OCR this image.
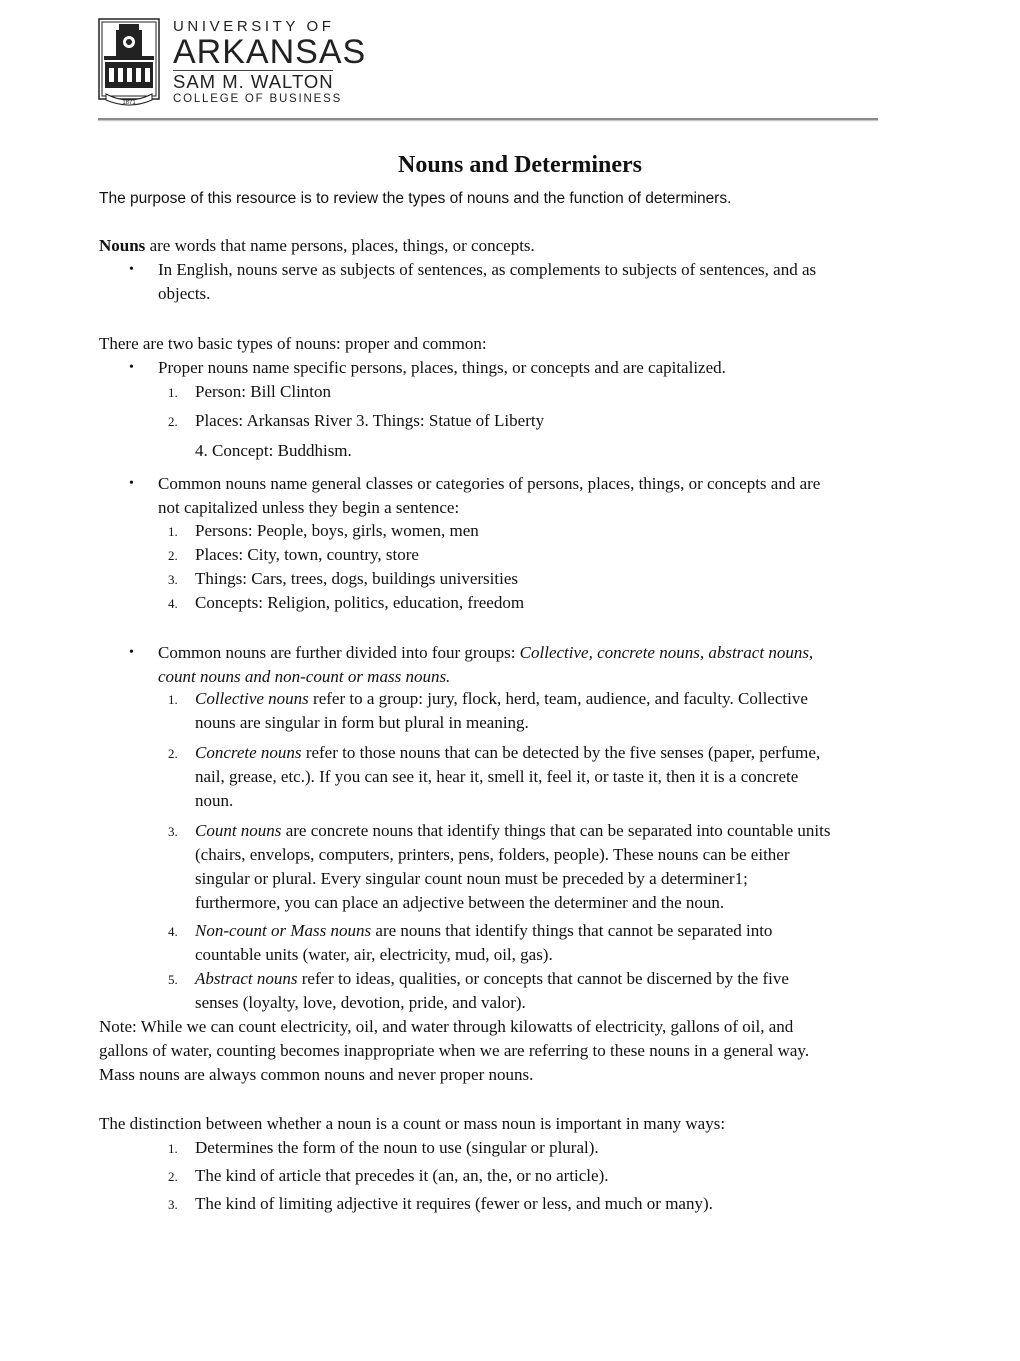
1871
UNIVERSITY OF
ARKANSAS
SAM M. WALTON
COLLEGE OF BUSINESS
Nouns and Determiners
The purpose of this resource is to review the types of nouns and the function of determiners.
Nouns are words that name persons, places, things, or concepts.
• In English, nouns serve as subjects of sentences, as complements to subjects of sentences, and as
objects.
There are two basic types of nouns: proper and common:
• Proper nouns name specific persons, places, things, or concepts and are capitalized.
1. Person: Bill Clinton
2. Places: Arkansas River 3. Things: Statue of Liberty
4. Concept: Buddhism.
• Common nouns name general classes or categories of persons, places, things, or concepts and are
not capitalized unless they begin a sentence:
1. Persons: People, boys, girls, women, men
2. Places: City, town, country, store
3. Things: Cars, trees, dogs, buildings universities
4. Concepts: Religion, politics, education, freedom
• Common nouns are further divided into four groups: Collective, concrete nouns, abstract nouns,
count nouns and non-count or mass nouns.
1. Collective nouns refer to a group: jury, flock, herd, team, audience, and faculty. Collective
nouns are singular in form but plural in meaning.
2. Concrete nouns refer to those nouns that can be detected by the five senses (paper, perfume,
nail, grease, etc.). If you can see it, hear it, smell it, feel it, or taste it, then it is a concrete
noun.
3. Count nouns are concrete nouns that identify things that can be separated into countable units
(chairs, envelops, computers, printers, pens, folders, people). These nouns can be either
singular or plural. Every singular count noun must be preceded by a determiner1;
furthermore, you can place an adjective between the determiner and the noun.
4. Non-count or Mass nouns are nouns that identify things that cannot be separated into
countable units (water, air, electricity, mud, oil, gas).
5. Abstract nouns refer to ideas, qualities, or concepts that cannot be discerned by the five
senses (loyalty, love, devotion, pride, and valor).
Note: While we can count electricity, oil, and water through kilowatts of electricity, gallons of oil, and
gallons of water, counting becomes inappropriate when we are referring to these nouns in a general way.
Mass nouns are always common nouns and never proper nouns.
The distinction between whether a noun is a count or mass noun is important in many ways:
1. Determines the form of the noun to use (singular or plural).
2. The kind of article that precedes it (an, an, the, or no article).
3. The kind of limiting adjective it requires (fewer or less, and much or many).
